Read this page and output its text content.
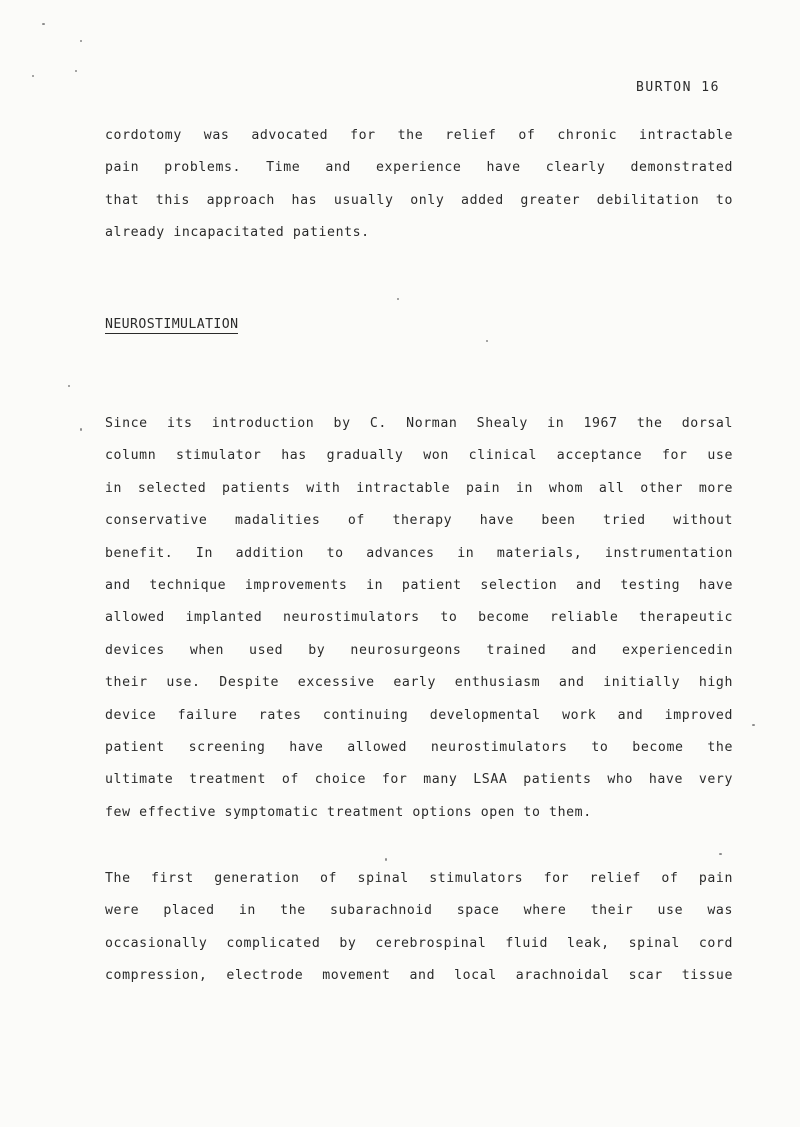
BURTON 16
cordotomy was advocated for the relief of chronic intractable
pain problems. Time and experience have clearly demonstrated
that this approach has usually only added greater debilitation to
already incapacitated patients.
NEUROSTIMULATION
Since its introduction by C. Norman Shealy in 1967 the dorsal
column stimulator has gradually won clinical acceptance for use
in selected patients with intractable pain in whom all other more
conservative madalities of therapy have been tried without
benefit. In addition to advances in materials, instrumentation
and technique improvements in patient selection and testing have
allowed implanted neurostimulators to become reliable therapeutic
devices when used by neurosurgeons trained and experiencedin
their use. Despite excessive early enthusiasm and initially high
device failure rates continuing developmental work and improved
patient screening have allowed neurostimulators to become the
ultimate treatment of choice for many LSAA patients who have very
few effective symptomatic treatment options open to them.
The first generation of spinal stimulators for relief of pain
were placed in the subarachnoid space where their use was
occasionally complicated by cerebrospinal fluid leak, spinal cord
compression, electrode movement and local arachnoidal scar tissue
